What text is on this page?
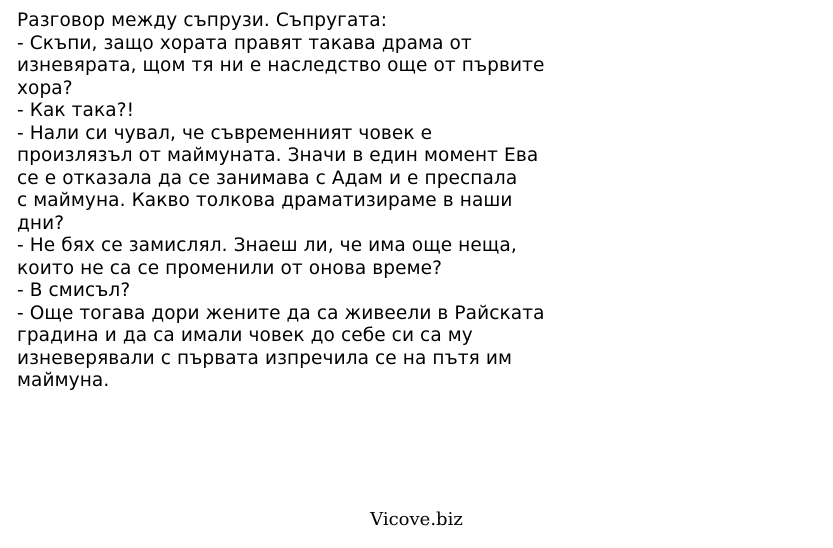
Разговор между съпрузи. Съпругата:
- Скъпи, защо хората правят такава драма от
изневярата, щом тя ни е наследство още от първите
хора?
- Как така?!
- Нали си чувал, че съвременният човек е
произлязъл от маймуната. Значи в един момент Ева
се е отказала да се занимава с Адам и е преспала
с маймуна. Какво толкова драматизираме в наши
дни?
- Не бях се замислял. Знаеш ли, че има още неща,
които не са се променили от онова време?
- В смисъл?
- Още тогава дори жените да са живеели в Райската
градина и да са имали човек до себе си са му
изневерявали с първата изпречила се на пътя им
маймуна.
Vicove.biz
